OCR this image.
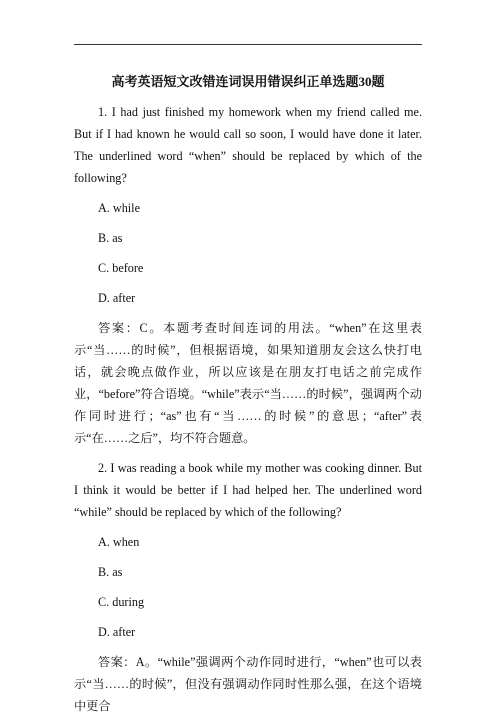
高考英语短文改错连词误用错误纠正单选题30题

1. I had just finished my homework when my friend called me. But if I had known he would call so soon, I would have done it later. The underlined word “when” should be replaced by which of the following?

A. while
B. as
C. before
D. after

答案：C。本题考查时间连词的用法。“when”在这里表示“当……的时候”，但根据语境，如果知道朋友会这么快打电话，就会晚点做作业，所以应该是在朋友打电话之前完成作业，“before”符合语境。“while”表示“当……的时候”，强调两个动作同时进行；“as”也有“当……的时候”的意思；“after”表示“在……之后”，均不符合题意。

2. I was reading a book while my mother was cooking dinner. But I think it would be better if I had helped her. The underlined word “while” should be replaced by which of the following?

A. when
B. as
C. during
D. after

答案：A。“while”强调两个动作同时进行，“when”也可以表示“当……的时候”，但没有强调动作同时性那么强，在这个语境中更合
